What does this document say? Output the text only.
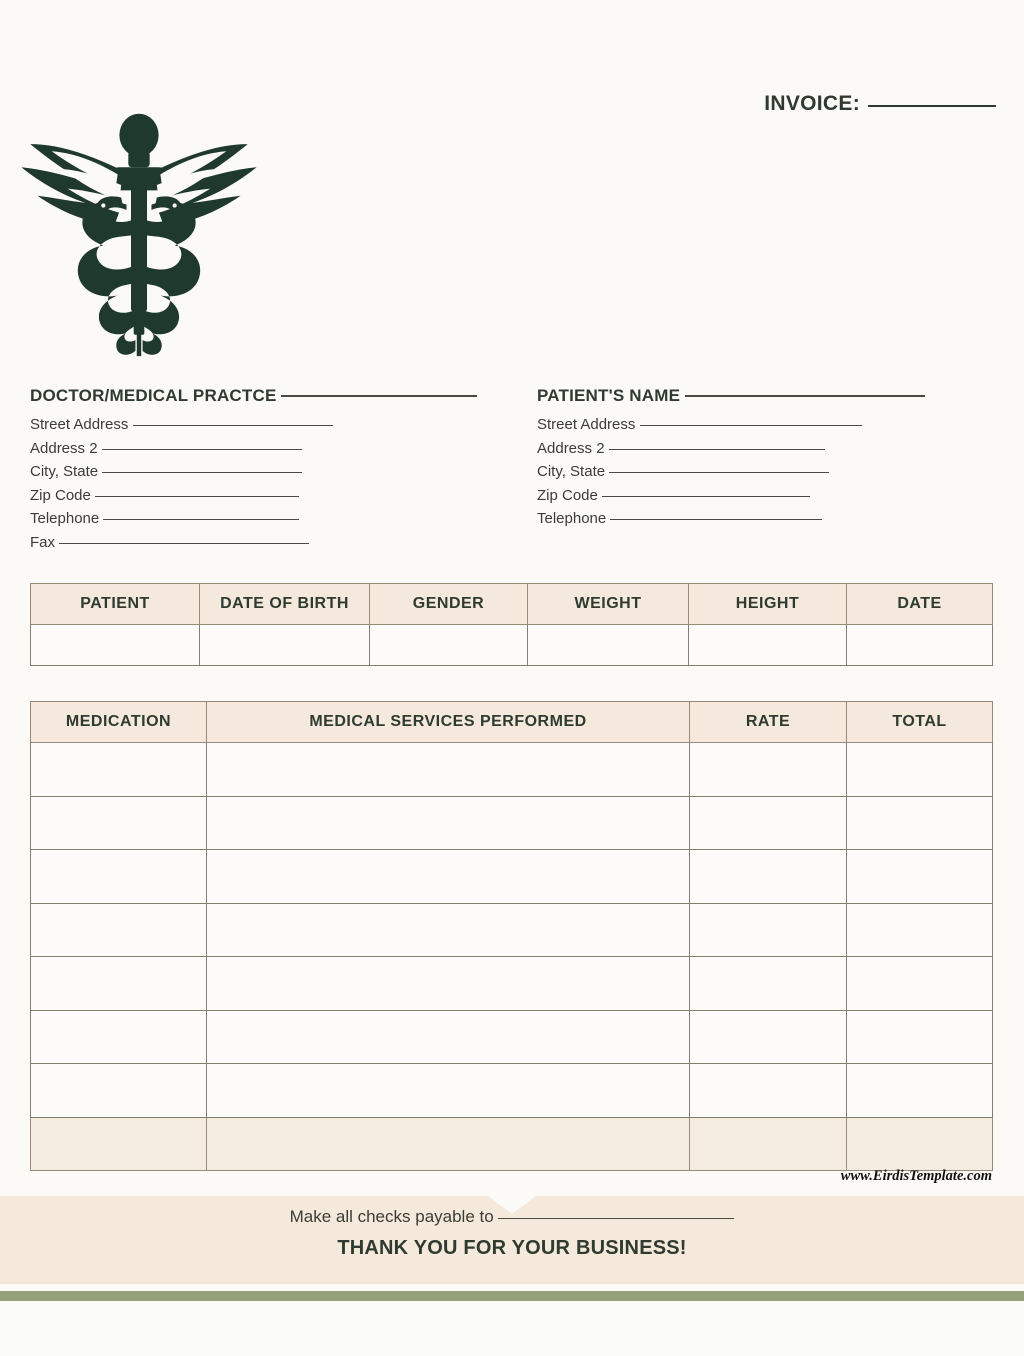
INVOICE:
DOCTOR/MEDICAL PRACTCE
Street Address
Address 2
City, State
Zip Code
Telephone
Fax
PATIENT'S NAME
Street Address
Address 2
City, State
Zip Code
Telephone
PATIENT	DATE OF BIRTH	GENDER	WEIGHT	HEIGHT	DATE

MEDICATION	MEDICAL SERVICES PERFORMED	RATE	TOTAL

www.EirdisTemplate.com
Make all checks payable to
THANK YOU FOR YOUR BUSINESS!
